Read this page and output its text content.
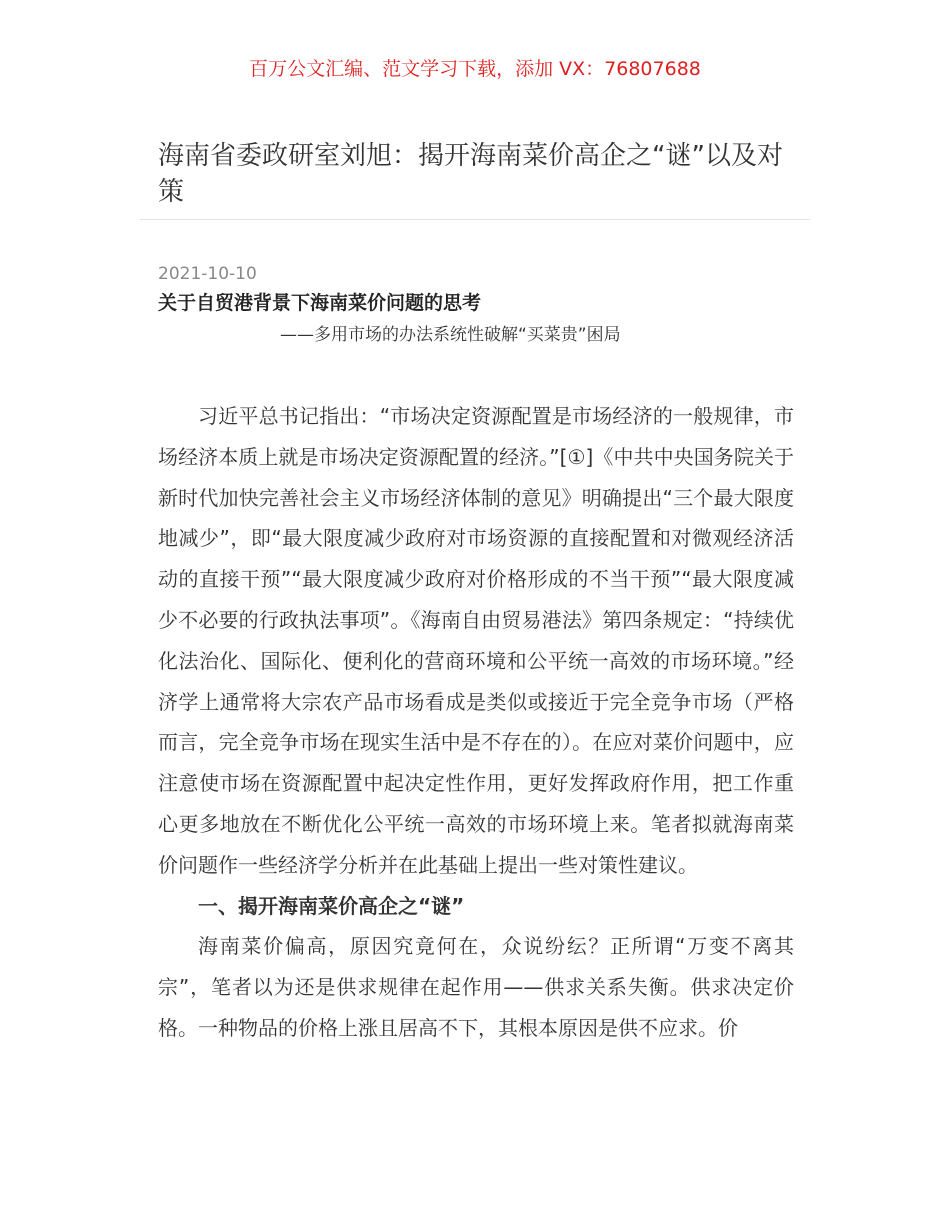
百万公文汇编、范文学习下载，添加 VX：76807688
海南省委政研室刘旭：揭开海南菜价高企之“谜”以及对策
2021-10-10
关于自贸港背景下海南菜价问题的思考
——多用市场的办法系统性破解“买菜贵”困局

习近平总书记指出：“市场决定资源配置是市场经济的一般规律，市场经济本质上就是市场决定资源配置的经济。”[①]《中共中央国务院关于新时代加快完善社会主义市场经济体制的意见》明确提出“三个最大限度地减少”，即“最大限度减少政府对市场资源的直接配置和对微观经济活动的直接干预”“最大限度减少政府对价格形成的不当干预”“最大限度减少不必要的行政执法事项”。《海南自由贸易港法》第四条规定：“持续优化法治化、国际化、便利化的营商环境和公平统一高效的市场环境。”经济学上通常将大宗农产品市场看成是类似或接近于完全竞争市场（严格而言，完全竞争市场在现实生活中是不存在的）。在应对菜价问题中，应注意使市场在资源配置中起决定性作用，更好发挥政府作用，把工作重心更多地放在不断优化公平统一高效的市场环境上来。笔者拟就海南菜价问题作一些经济学分析并在此基础上提出一些对策性建议。

一、揭开海南菜价高企之“谜”

海南菜价偏高，原因究竟何在，众说纷纭？正所谓“万变不离其宗”，笔者以为还是供求规律在起作用——供求关系失衡。供求决定价格。一种物品的价格上涨且居高不下，其根本原因是供不应求。价
